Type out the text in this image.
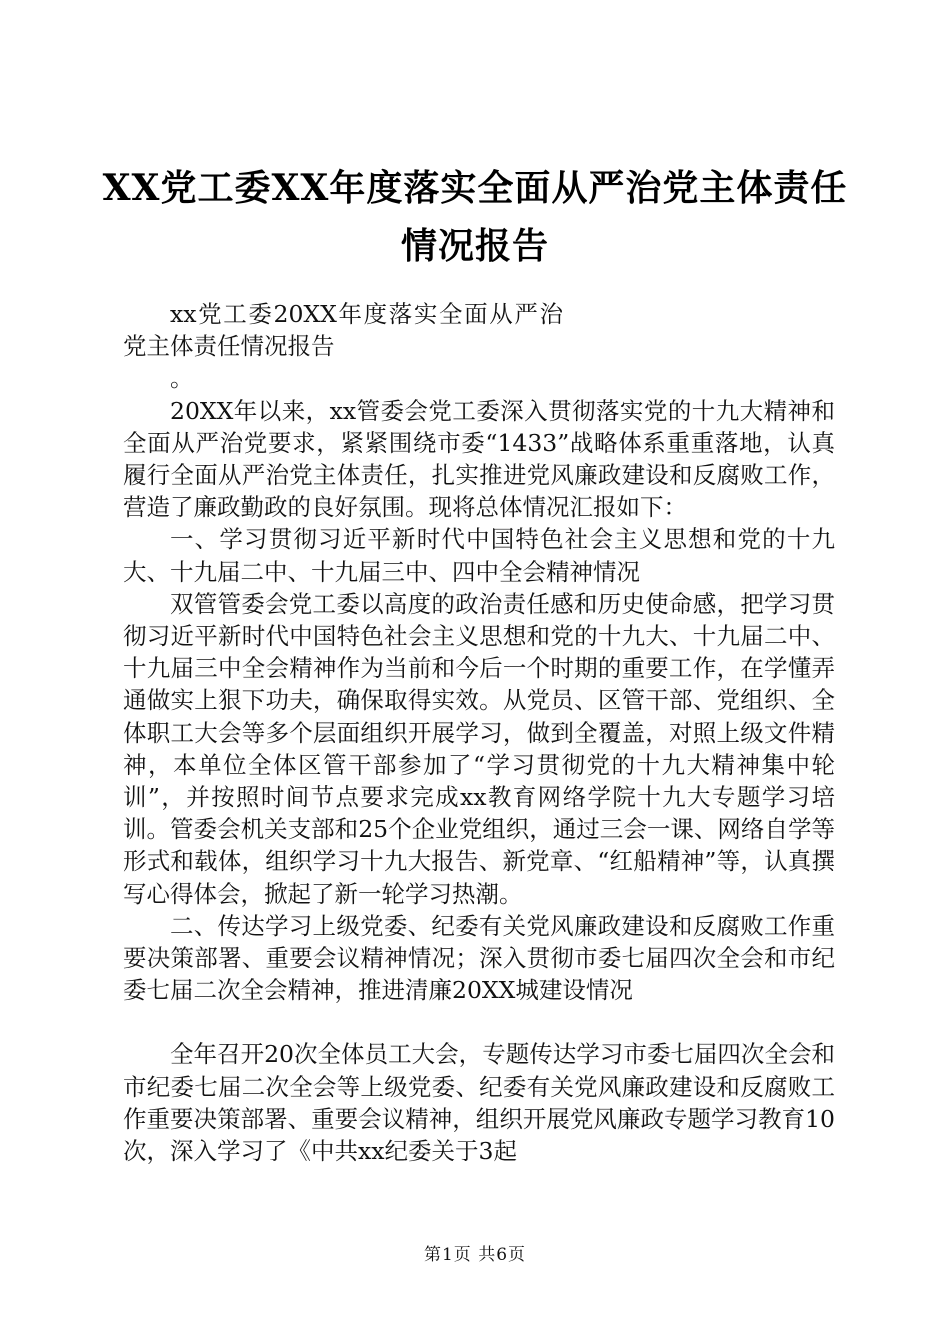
XX党工委XX年度落实全面从严治党主体责任
情况报告

xx党工委20XX年度落实全面从严治党主体责任情况报告

。

20XX年以来，xx管委会党工委深入贯彻落实党的十九大精神和全面从严治党要求，紧紧围绕市委“1433”战略体系重重落地，认真履行全面从严治党主体责任，扎实推进党风廉政建设和反腐败工作，营造了廉政勤政的良好氛围。现将总体情况汇报如下：

一、学习贯彻习近平新时代中国特色社会主义思想和党的十九大、十九届二中、十九届三中、四中全会精神情况

双管管委会党工委以高度的政治责任感和历史使命感，把学习贯彻习近平新时代中国特色社会主义思想和党的十九大、十九届二中、十九届三中全会精神作为当前和今后一个时期的重要工作，在学懂弄通做实上狠下功夫，确保取得实效。从党员、区管干部、党组织、全体职工大会等多个层面组织开展学习，做到全覆盖，对照上级文件精神，本单位全体区管干部参加了“学习贯彻党的十九大精神集中轮训”，并按照时间节点要求完成xx教育网络学院十九大专题学习培训。管委会机关支部和25个企业党组织，通过三会一课、网络自学等形式和载体，组织学习十九大报告、新党章、“红船精神”等，认真撰写心得体会，掀起了新一轮学习热潮。

二、传达学习上级党委、纪委有关党风廉政建设和反腐败工作重要决策部署、重要会议精神情况；深入贯彻市委七届四次全会和市纪委七届二次全会精神，推进清廉20XX城建设情况

全年召开20次全体员工大会，专题传达学习市委七届四次全会和市纪委七届二次全会等上级党委、纪委有关党风廉政建设和反腐败工作重要决策部署、重要会议精神，组织开展党风廉政专题学习教育10次，深入学习了《中共xx纪委关于3起

第1页 共6页
